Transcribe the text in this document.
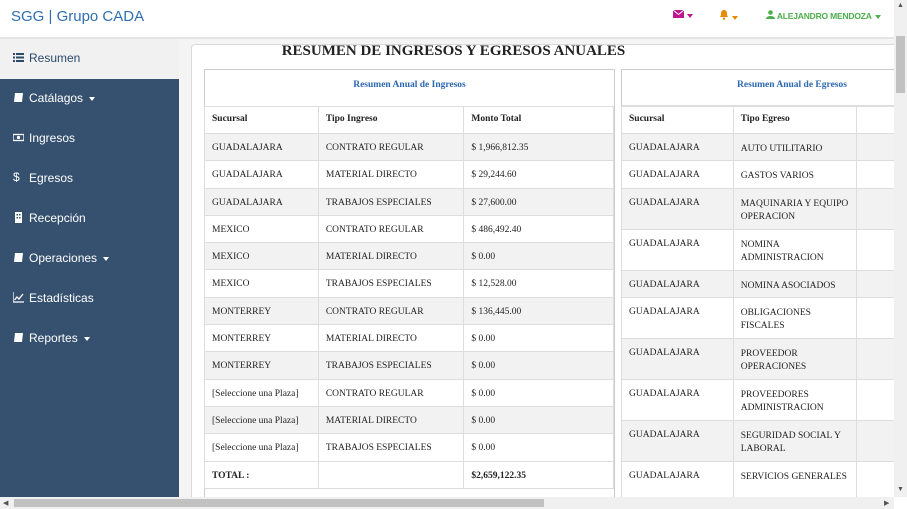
SGG | Grupo CADA	ALEJANDRO MENDOZA
Resumen
Catálagos
Ingresos
$ Egresos
Recepción
Operaciones
Estadísticas
Reportes
Resumen Anual de Ingresos
Sucursal	Tipo Ingreso	Monto Total
GUADALAJARA	CONTRATO REGULAR	$ 1,966,812.35
GUADALAJARA	MATERIAL DIRECTO	$ 29,244.60
GUADALAJARA	TRABAJOS ESPECIALES	$ 27,600.00
MEXICO	CONTRATO REGULAR	$ 486,492.40
MEXICO	MATERIAL DIRECTO	$ 0.00
MEXICO	TRABAJOS ESPECIALES	$ 12,528.00
MONTERREY	CONTRATO REGULAR	$ 136,445.00
MONTERREY	MATERIAL DIRECTO	$ 0.00
MONTERREY	TRABAJOS ESPECIALES	$ 0.00
[Seleccione una Plaza]	CONTRATO REGULAR	$ 0.00
[Seleccione una Plaza]	MATERIAL DIRECTO	$ 0.00
[Seleccione una Plaza]	TRABAJOS ESPECIALES	$ 0.00
TOTAL :		$2,659,122.35
Resumen Anual de Egresos
Sucursal	Tipo Egreso	
GUADALAJARA	AUTO UTILITARIO	
GUADALAJARA	GASTOS VARIOS	
GUADALAJARA	MAQUINARIA Y EQUIPO OPERACION	
GUADALAJARA	NOMINA ADMINISTRACION	
GUADALAJARA	NOMINA ASOCIADOS	
GUADALAJARA	OBLIGACIONES FISCALES	
GUADALAJARA	PROVEEDOR OPERACIONES	
GUADALAJARA	PROVEEDORES ADMINISTRACION	
GUADALAJARA	SEGURIDAD SOCIAL Y LABORAL	
GUADALAJARA	SERVICIOS GENERALES	
RESUMEN DE INGRESOS Y EGRESOS ANUALES
▲
▼
◀	▶
